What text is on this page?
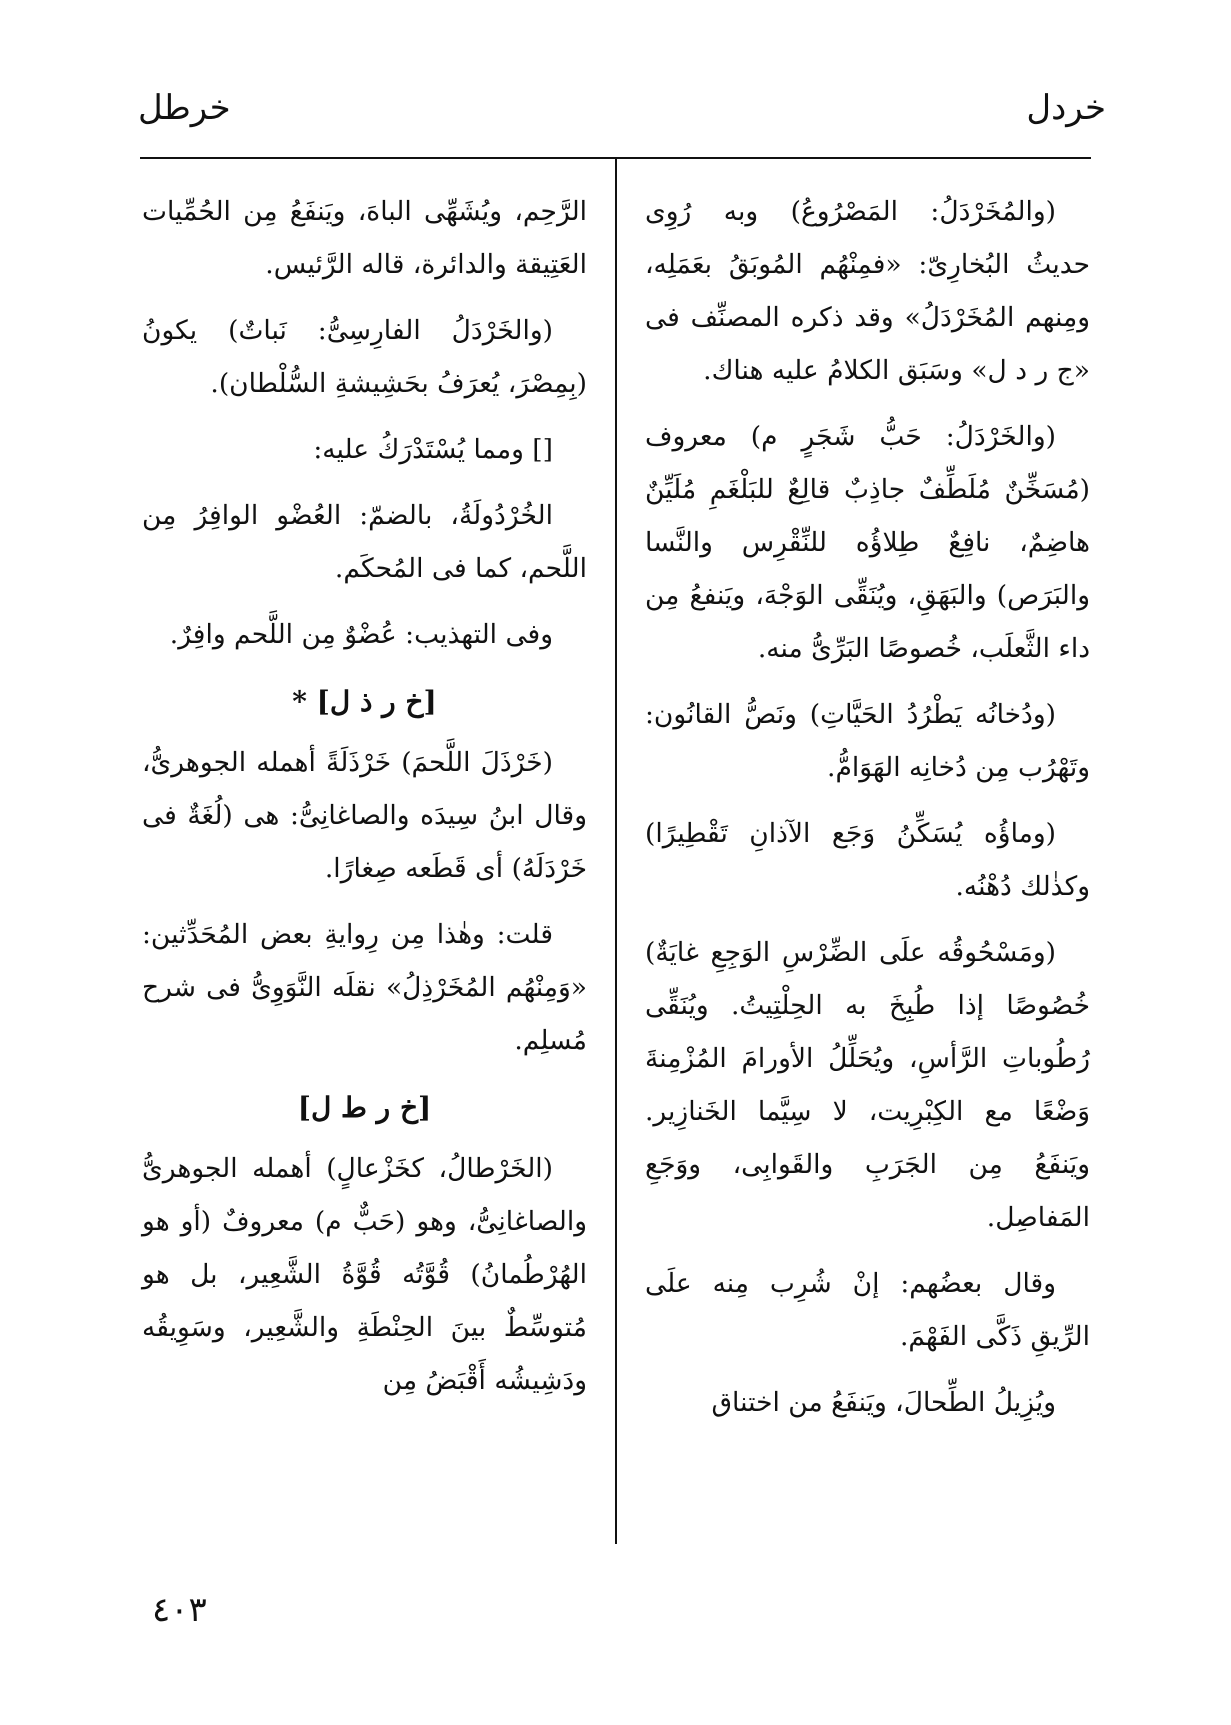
خردل
خرطل

(والمُخَرْدَلُ: المَصْرُوعُ) وبه رُوِى حديثُ البُخارِىّ: «فمِنْهُم المُوبَقُ بعَمَلِه، ومِنهم المُخَرْدَلُ» وقد ذكره المصنِّف فى «ج ر د ل» وسَبَق الكلامُ عليه هناك.

(والخَرْدَلُ: حَبُّ شَجَرٍ م) معروف (مُسَخِّنٌ مُلَطِّفٌ جاذِبٌ قالِعٌ للبَلْغَمِ مُلَيِّنٌ هاضِمٌ، نافِعٌ طِلاؤُه للنِّقْرِس والنَّسا والبَرَص) والبَهَقِ، ويُنَقِّى الوَجْهَ، ويَنفعُ مِن داء الثَّعلَب، خُصوصًا البَرِّىُّ منه.

(ودُخانُه يَطْرُدُ الحَيَّاتِ) ونَصُّ القانُون: وتَهْرُب مِن دُخانِه الهَوَامُّ.

(وماؤُه يُسَكِّنُ وَجَع الآذانِ تَقْطِيرًا) وكذٰلك دُهْنُه.

(ومَسْحُوقُه علَى الضِّرْسِ الوَجِعِ غايَةٌ) خُصُوصًا إذا طُبِخَ به الحِلْتِيتُ. ويُنَقِّى رُطُوباتِ الرَّأسِ، ويُحَلِّلُ الأورامَ المُزْمِنةَ وَضْعًا مع الكِبْرِيت، لا سِيَّما الخَنازِير. ويَنفَعُ مِن الجَرَبِ والقَوابِى، ووَجَعِ المَفاصِل.

وقال بعضُهم: إنْ شُرِب مِنه علَى الرِّيقِ ذَكَّى الفَهْمَ.

ويُزِيلُ الطِّحالَ، ويَنفَعُ من اختناق

الرَّحِم، ويُشَهِّى الباهَ، ويَنفَعُ مِن الحُمِّيات العَتِيقة والدائرة، قاله الرَّئيس.

(والخَرْدَلُ الفارِسِىُّ: نَباتٌ) يكونُ (بِمِصْرَ، يُعرَفُ بحَشِيشةِ السُّلْطان).

[] ومما يُسْتَدْرَكُ عليه:

الخُرْدُولَةُ، بالضمّ: العُضْو الوافِرُ مِن اللَّحم، كما فى المُحكَم.

وفى التهذيب: عُضْوٌ مِن اللَّحم وافِرٌ.

[خ ر ذ ل] *

(خَرْذَلَ اللَّحمَ) خَرْذَلَةً أهمله الجوهرىُّ، وقال ابنُ سِيدَه والصاغانِىُّ: هى (لُغَةٌ فى خَرْدَلَهُ) أى قَطَعه صِغارًا.

قلت: وهٰذا مِن رِوايةِ بعض المُحَدِّثين: «وَمِنْهُم المُخَرْذِلُ» نقلَه النَّوَوِىُّ فى شرح مُسلِم.

[خ ر ط ل]

(الخَرْطالُ، كخَزْعالٍ) أهمله الجوهرىُّ والصاغانِىُّ، وهو (حَبٌّ م) معروفٌ (أو هو الهُرْطُمانُ) قُوَّتُه قُوَّةُ الشَّعِير، بل هو مُتوسِّطٌ بينَ الحِنْطَةِ والشَّعِير، وسَوِيقُه ودَشِيشُه أَقْبَضُ مِن

٤٠٣
